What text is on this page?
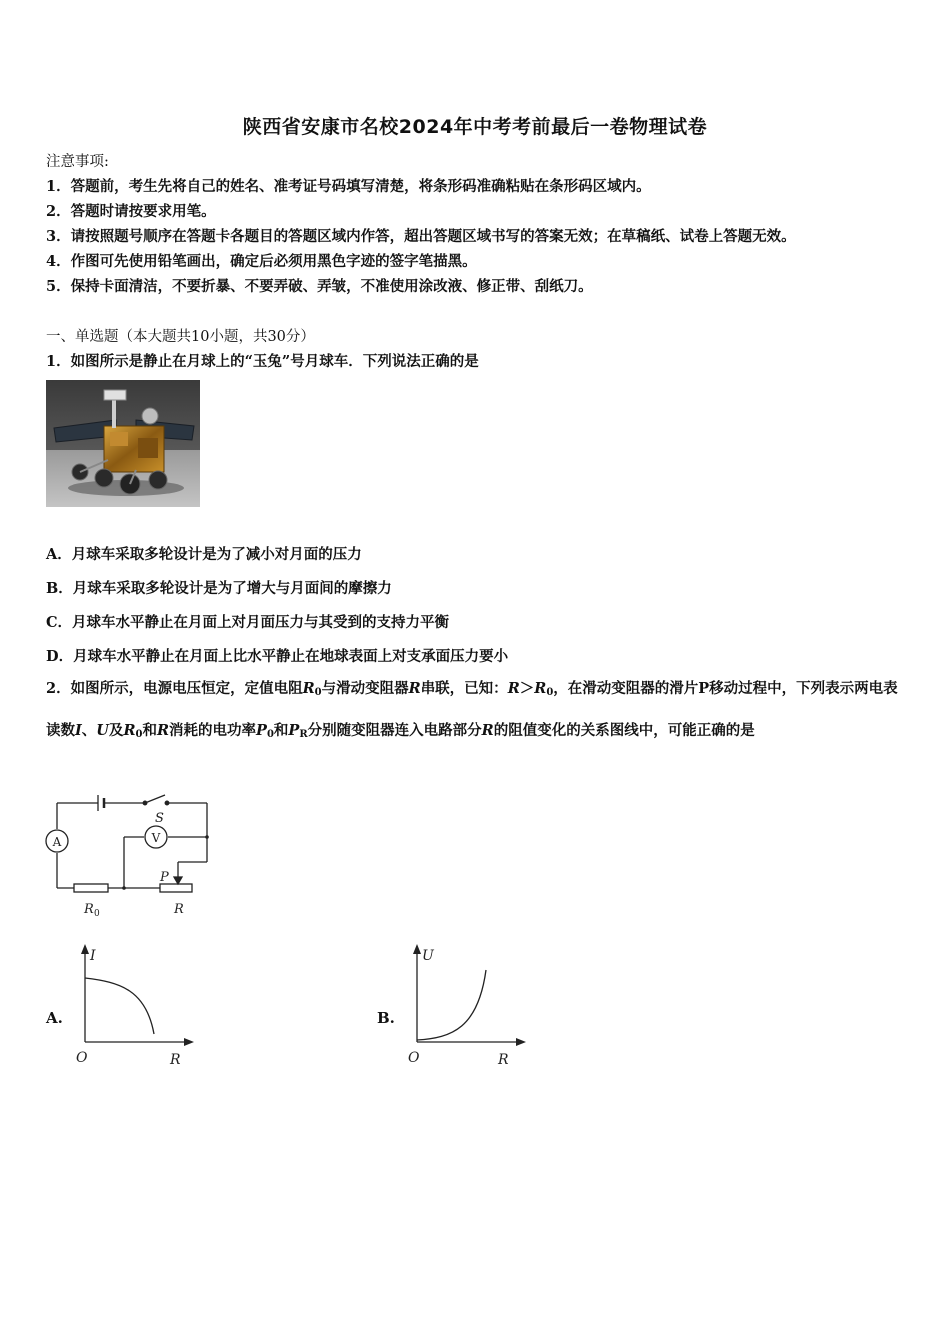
陕西省安康市名校2024年中考考前最后一卷物理试卷
注意事项:
1．答题前，考生先将自己的姓名、准考证号码填写清楚，将条形码准确粘贴在条形码区域内。
2．答题时请按要求用笔。
3．请按照题号顺序在答题卡各题目的答题区域内作答，超出答题区域书写的答案无效；在草稿纸、试卷上答题无效。
4．作图可先使用铅笔画出，确定后必须用黑色字迹的签字笔描黑。
5．保持卡面清洁，不要折暴、不要弄破、弄皱，不准使用涂改液、修正带、刮纸刀。
一、单选题（本大题共10小题，共30分）
1．如图所示是静止在月球上的“玉兔”号月球车．下列说法正确的是
A．月球车采取多轮设计是为了减小对月面的压力
B．月球车采取多轮设计是为了增大与月面间的摩擦力
C．月球车水平静止在月面上对月面压力与其受到的支持力平衡
D．月球车水平静止在月面上比水平静止在地球表面上对支承面压力要小
2．如图所示，电源电压恒定，定值电阻$R_0$与滑动变阻器R串联，已知：$R>R_0$，在滑动变阻器的滑片P移动过程中，下列表示两电表读数I、U及$R_0$和R消耗的电功率$P_0$和$P_R$分别随变阻器连入电路部分R的阻值变化的关系图线中，可能正确的是
A	V
S
P
R 0	R
A.
I
O	R
B.
U
O	R
